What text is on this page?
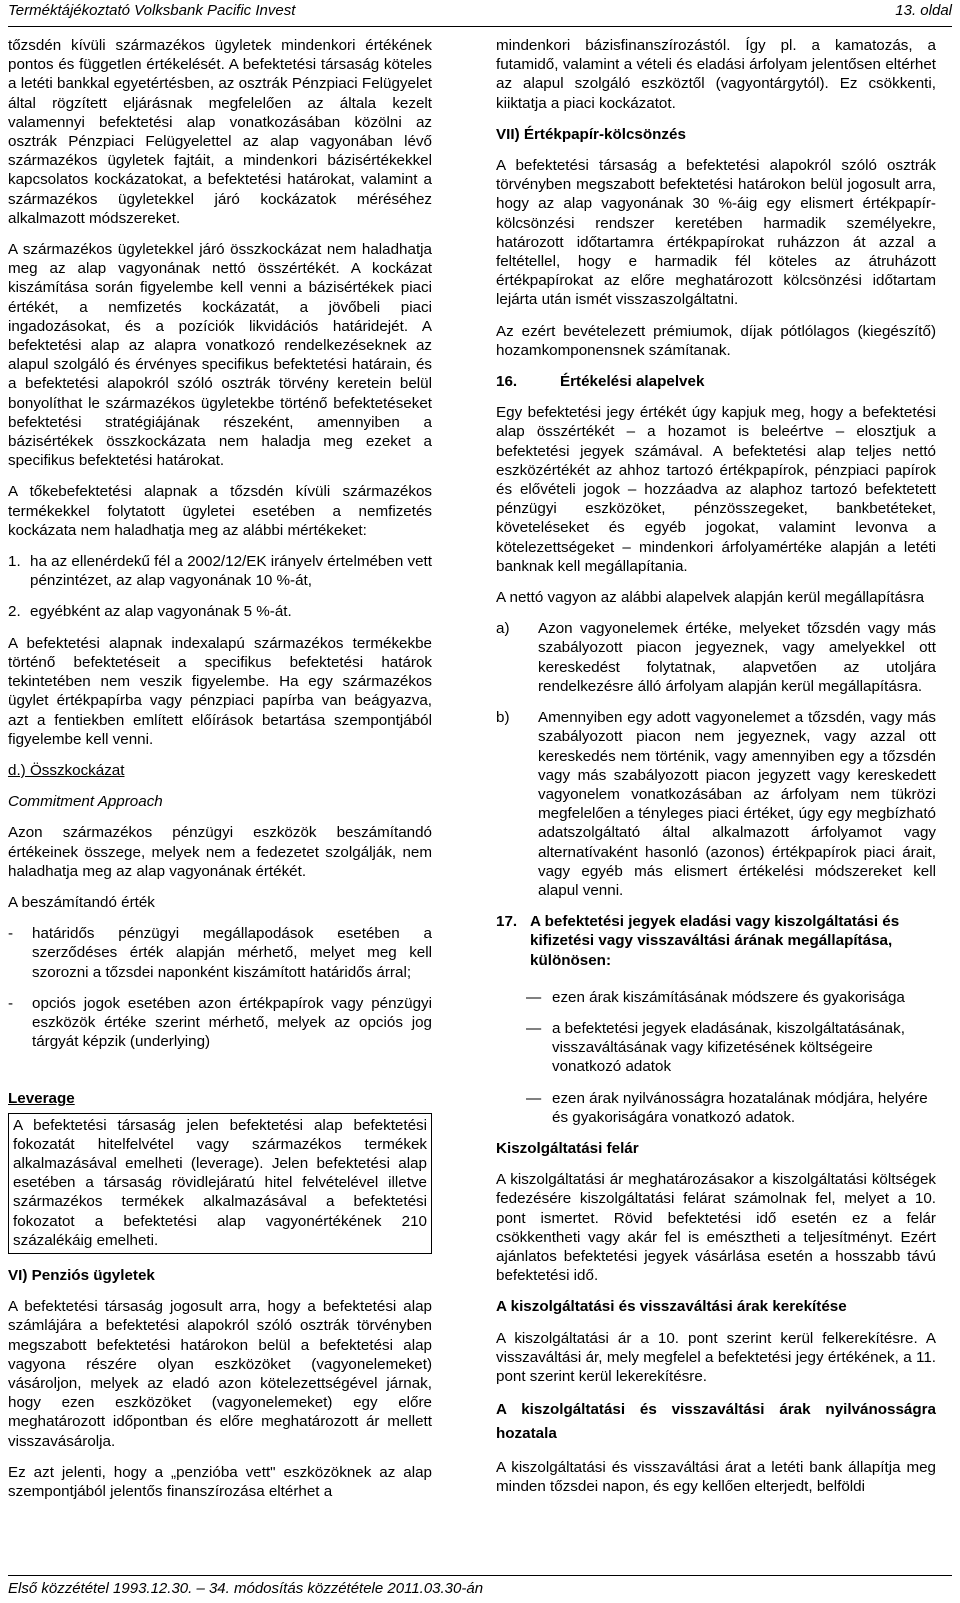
Terméktájékoztató Volksbank Pacific Invest	13. oldal

tőzsdén kívüli származékos ügyletek mindenkori értékének pontos és független értékelését. A befektetési társaság köteles a letéti bankkal egyetértésben, az osztrák Pénzpiaci Felügyelet által rögzített eljárásnak megfelelően az általa kezelt valamennyi befektetési alap vonatkozásában közölni az osztrák Pénzpiaci Felügyelettel az alap vagyonában lévő származékos ügyletek fajtáit, a mindenkori bázisértékekkel kapcsolatos kockázatokat, a befektetési határokat, valamint a származékos ügyletekkel járó kockázatok méréséhez alkalmazott módszereket.

A származékos ügyletekkel járó összkockázat nem haladhatja meg az alap vagyonának nettó összértékét. A kockázat kiszámítása során figyelembe kell venni a bázisértékek piaci értékét, a nemfizetés kockázatát, a jövőbeli piaci ingadozásokat, és a pozíciók likvidációs határidejét. A befektetési alap az alapra vonatkozó rendelkezéseknek az alapul szolgáló és érvényes specifikus befektetési határain, és a befektetési alapokról szóló osztrák törvény keretein belül bonyolíthat le származékos ügyletekbe történő befektetéseket befektetési stratégiájának részeként, amennyiben a bázisértékek összkockázata nem haladja meg ezeket a specifikus befektetési határokat.

A tőkebefektetési alapnak a tőzsdén kívüli származékos termékekkel folytatott ügyletei esetében a nemfizetés kockázata nem haladhatja meg az alábbi mértékeket:

1. ha az ellenérdekű fél a 2002/12/EK irányelv értelmében vett pénzintézet, az alap vagyonának 10 %-át,
2. egyébként az alap vagyonának 5 %-át.

A befektetési alapnak indexalapú származékos termékekbe történő befektetéseit a specifikus befektetési határok tekintetében nem veszik figyelembe. Ha egy származékos ügylet értékpapírba vagy pénzpiaci papírba van beágyazva, azt a fentiekben említett előírások betartása szempontjából figyelembe kell venni.

d.) Összkockázat

Commitment Approach

Azon származékos pénzügyi eszközök beszámítandó értékeinek összege, melyek nem a fedezetet szolgálják, nem haladhatja meg az alap vagyonának értékét.

A beszámítandó érték

-	határidős pénzügyi megállapodások esetében a szerződéses érték alapján mérhető, melyet meg kell szorozni a tőzsdei naponként kiszámított határidős árral;
-	opciós jogok esetében azon értékpapírok vagy pénzügyi eszközök értéke szerint mérhető, melyek az opciós jog tárgyát képzik (underlying)

Leverage

A befektetési társaság jelen befektetési alap befektetési fokozatát hitelfelvétel vagy származékos termékek alkalmazásával emelheti (leverage). Jelen befektetési alap esetében a társaság rövidlejáratú hitel felvételével illetve származékos termékek alkalmazásával a befektetési fokozatot a befektetési alap vagyonértékének 210 százalékáig emelheti.

VI) Penziós ügyletek

A befektetési társaság jogosult arra, hogy a befektetési alap számlájára a befektetési alapokról szóló osztrák törvényben megszabott befektetési határokon belül a befektetési alap vagyona részére olyan eszközöket (vagyonelemeket) vásároljon, melyek az eladó azon kötelezettségével járnak, hogy ezen eszközöket (vagyonelemeket) egy előre meghatározott időpontban és előre meghatározott ár mellett visszavásárolja.

Ez azt jelenti, hogy a „penzióba vett" eszközöknek az alap szempontjából jelentős finanszírozása eltérhet a

mindenkori bázisfinanszírozástól. Így pl. a kamatozás, a futamidő, valamint a vételi és eladási árfolyam jelentősen eltérhet az alapul szolgáló eszköztől (vagyontárgytól). Ez csökkenti, kiiktatja a piaci kockázatot.

VII) Értékpapír-kölcsönzés

A befektetési társaság a befektetési alapokról szóló osztrák törvényben megszabott befektetési határokon belül jogosult arra, hogy az alap vagyonának 30 %-áig egy elismert értékpapír-kölcsönzési rendszer keretében harmadik személyekre, határozott időtartamra értékpapírokat ruházzon át azzal a feltétellel, hogy e harmadik fél köteles az átruházott értékpapírokat az előre meghatározott kölcsönzési időtartam lejárta után ismét visszaszolgáltatni.

Az ezért bevételezett prémiumok, díjak pótlólagos (kiegészítő) hozamkomponensnek számítanak.

16.	Értékelési alapelvek

Egy befektetési jegy értékét úgy kapjuk meg, hogy a befektetési alap összértékét – a hozamot is beleértve – elosztjuk a befektetési jegyek számával. A befektetési alap teljes nettó eszközértékét az ahhoz tartozó értékpapírok, pénzpiaci papírok és elővételi jogok – hozzáadva az alaphoz tartozó befektetett pénzügyi eszközöket, pénzösszegeket, bankbetéteket, követeléseket és egyéb jogokat, valamint levonva a kötelezettségeket – mindenkori árfolyamértéke alapján a letéti banknak kell megállapítania.

A nettó vagyon az alábbi alapelvek alapján kerül megállapításra

a)	Azon vagyonelemek értéke, melyeket tőzsdén vagy más szabályozott piacon jegyeznek, vagy amelyekkel ott kereskedést folytatnak, alapvetően az utoljára rendelkezésre álló árfolyam alapján kerül megállapításra.
b)	Amennyiben egy adott vagyonelemet a tőzsdén, vagy más szabályozott piacon nem jegyeznek, vagy azzal ott kereskedés nem történik, vagy amennyiben egy a tőzsdén vagy más szabályozott piacon jegyzett vagy kereskedett vagyonelem vonatkozásában az árfolyam nem tükrözi megfelelően a tényleges piaci értéket, úgy egy megbízható adatszolgáltató által alkalmazott árfolyamot vagy alternatívaként hasonló (azonos) értékpapírok piaci árait, vagy egyéb más elismert értékelési módszereket kell alapul venni.
17. A befektetési jegyek eladási vagy kiszolgáltatási és kifizetési vagy visszaváltási árának megállapítása, különösen:
— ezen árak kiszámításának módszere és gyakorisága
— a befektetési jegyek eladásának, kiszolgáltatásának, visszaváltásának vagy kifizetésének költségeire vonatkozó adatok
— ezen árak nyilvánosságra hozatalának módjára, helyére és gyakoriságára vonatkozó adatok.

Kiszolgáltatási felár

A kiszolgáltatási ár meghatározásakor a kiszolgáltatási költségek fedezésére kiszolgáltatási felárat számolnak fel, melyet a 10. pont ismertet. Rövid befektetési idő esetén ez a felár csökkentheti vagy akár fel is emésztheti a teljesítményt. Ezért ajánlatos befektetési jegyek vásárlása esetén a hosszabb távú befektetési idő.

A kiszolgáltatási és visszaváltási árak kerekítése

A kiszolgáltatási ár a 10. pont szerint kerül felkerekítésre. A visszaváltási ár, mely megfelel a befektetési jegy értékének, a 11. pont szerint kerül lekerekítésre.

A kiszolgáltatási és visszaváltási árak nyilvánosságra hozatala

A kiszolgáltatási és visszaváltási árat a letéti bank állapítja meg minden tőzsdei napon, és egy kellően elterjedt, belföldi

Első közzététel 1993.12.30. – 34. módosítás közzététele 2011.03.30-án
